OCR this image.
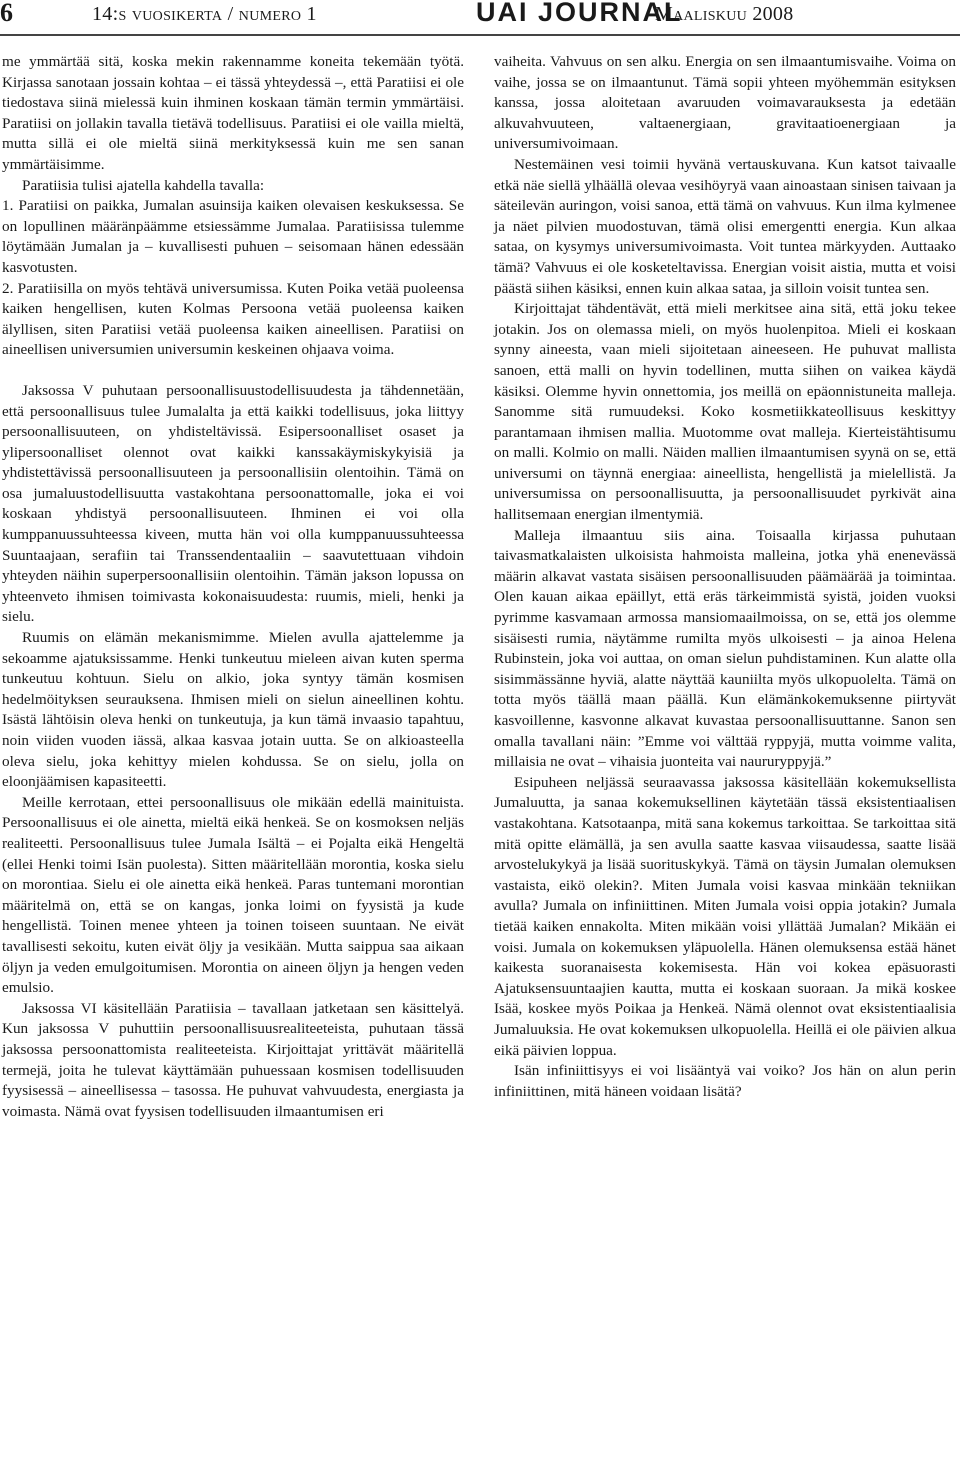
6	14:s vuosikerta / numero 1	UAI JOURNAL
Maaliskuu 2008

me ymmärtää sitä, koska mekin rakennamme koneita tekemään työtä. Kirjassa sanotaan jossain kohtaa – ei tässä yhteydessä –, että Paratiisi ei ole tiedostava siinä mielessä kuin ihminen koskaan tämän termin ymmärtäisi. Paratiisi on jollakin tavalla tietävä todellisuus. Paratiisi ei ole vailla mieltä, mutta sillä ei ole mieltä siinä merkityksessä kuin me sen sanan ymmärtäisimme.

Paratiisia tulisi ajatella kahdella tavalla:

1. Paratiisi on paikka, Jumalan asuinsija kaiken olevaisen keskuksessa. Se on lopullinen määränpäämme etsiessämme Jumalaa. Paratiisissa tulemme löytämään Jumalan ja – kuvallisesti puhuen – seisomaan hänen edessään kasvotusten.

2. Paratiisilla on myös tehtävä universumissa. Kuten Poika vetää puoleensa kaiken hengellisen, kuten Kolmas Persoona vetää puoleensa kaiken älyllisen, siten Paratiisi vetää puoleensa kaiken aineellisen. Paratiisi on aineellisen universumien universumin keskeinen ohjaava voima.

Jaksossa V puhutaan persoonallisuustodellisuudesta ja tähdennetään, että persoonallisuus tulee Jumalalta ja että kaikki todellisuus, joka liittyy persoonallisuuteen, on yhdisteltävissä. Esipersoonalliset osaset ja ylipersoonalliset olennot ovat kaikki kanssakäymiskykyisiä ja yhdistettävissä persoonallisuuteen ja persoonallisiin olentoihin. Tämä on osa jumaluustodellisuutta vastakohtana persoonattomalle, joka ei voi koskaan yhdistyä persoonallisuuteen. Ihminen ei voi olla kumppanuussuhteessa kiveen, mutta hän voi olla kumppanuussuhteessa Suuntaajaan, serafiin tai Transsendentaaliin – saavutettuaan vihdoin yhteyden näihin superpersoonallisiin olentoihin. Tämän jakson lopussa on yhteenveto ihmisen toimivasta kokonaisuudesta: ruumis, mieli, henki ja sielu.

Ruumis on elämän mekanismimme. Mielen avulla ajattelemme ja sekoamme ajatuksissamme. Henki tunkeutuu mieleen aivan kuten sperma tunkeutuu kohtuun. Sielu on alkio, joka syntyy tämän kosmisen hedelmöityksen seurauksena. Ihmisen mieli on sielun aineellinen kohtu. Isästä lähtöisin oleva henki on tunkeutuja, ja kun tämä invaasio tapahtuu, noin viiden vuoden iässä, alkaa kasvaa jotain uutta. Se on alkioasteella oleva sielu, joka kehittyy mielen kohdussa. Se on sielu, jolla on eloonjäämisen kapasiteetti.

Meille kerrotaan, ettei persoonallisuus ole mikään edellä mainituista. Persoonallisuus ei ole ainetta, mieltä eikä henkeä. Se on kosmoksen neljäs realiteetti. Persoonallisuus tulee Jumala Isältä – ei Pojalta eikä Hengeltä (ellei Henki toimi Isän puolesta). Sitten määritellään morontia, koska sielu on morontiaa. Sielu ei ole ainetta eikä henkeä. Paras tuntemani morontian määritelmä on, että se on kangas, jonka loimi on fyysistä ja kude hengellistä. Toinen menee yhteen ja toinen toiseen suuntaan. Ne eivät tavallisesti sekoitu, kuten eivät öljy ja vesikään. Mutta saippua saa aikaan öljyn ja veden emulgoitumisen. Morontia on aineen öljyn ja hengen veden emulsio.

Jaksossa VI käsitellään Paratiisia – tavallaan jatketaan sen käsittelyä. Kun jaksossa V puhuttiin persoonallisuusrealiteeteista, puhutaan tässä jaksossa persoonattomista realiteeteista. Kirjoittajat yrittävät määritellä termejä, joita he tulevat käyttämään puhuessaan kosmisen todellisuuden fyysisessä – aineellisessa – tasossa. He puhuvat vahvuudesta, energiasta ja voimasta. Nämä ovat fyysisen todellisuuden ilmaantumisen eri

vaiheita. Vahvuus on sen alku. Energia on sen ilmaantumisvaihe. Voima on vaihe, jossa se on ilmaantunut. Tämä sopii yhteen myöhemmän esityksen kanssa, jossa aloitetaan avaruuden voimavarauksesta ja edetään alkuvahvuuteen, valtaenergiaan, gravitaatioenergiaan ja universumivoimaan.

Nestemäinen vesi toimii hyvänä vertauskuvana. Kun katsot taivaalle etkä näe siellä ylhäällä olevaa vesihöyryä vaan ainoastaan sinisen taivaan ja säteilevän auringon, voisi sanoa, että tämä on vahvuus. Kun ilma kylmenee ja näet pilvien muodostuvan, tämä olisi emergentti energia. Kun alkaa sataa, on kysymys universumivoimasta. Voit tuntea märkyyden. Auttaako tämä? Vahvuus ei ole kosketeltavissa. Energian voisit aistia, mutta et voisi päästä siihen käsiksi, ennen kuin alkaa sataa, ja silloin voisit tuntea sen.

Kirjoittajat tähdentävät, että mieli merkitsee aina sitä, että joku tekee jotakin. Jos on olemassa mieli, on myös huolenpitoa. Mieli ei koskaan synny aineesta, vaan mieli sijoitetaan aineeseen. He puhuvat mallista sanoen, että malli on hyvin todellinen, mutta siihen on vaikea käydä käsiksi. Olemme hyvin onnettomia, jos meillä on epäonnistuneita malleja. Sanomme sitä rumuudeksi. Koko kosmetiikkateollisuus keskittyy parantamaan ihmisen mallia. Muotomme ovat malleja. Kierteistähtisumu on malli. Kolmio on malli. Näiden mallien ilmaantumisen syynä on se, että universumi on täynnä energiaa: aineellista, hengellistä ja mielellistä. Ja universumissa on persoonallisuutta, ja persoonallisuudet pyrkivät aina hallitsemaan energian ilmentymiä.

Malleja ilmaantuu siis aina. Toisaalla kirjassa puhutaan taivasmatkalaisten ulkoisista hahmoista malleina, jotka yhä enenevässä määrin alkavat vastata sisäisen persoonallisuuden päämäärää ja toimintaa. Olen kauan aikaa epäillyt, että eräs tärkeimmistä syistä, joiden vuoksi pyrimme kasvamaan armossa mansiomaailmoissa, on se, että jos olemme sisäisesti rumia, näytämme rumilta myös ulkoisesti – ja ainoa Helena Rubinstein, joka voi auttaa, on oman sielun puhdistaminen. Kun alatte olla sisimmässänne hyviä, alatte näyttää kauniilta myös ulkopuolelta. Tämä on totta myös täällä maan päällä. Kun elämänkokemuksenne piirtyvät kasvoillenne, kasvonne alkavat kuvastaa persoonallisuuttanne. Sanon sen omalla tavallani näin: ”Emme voi välttää ryppyjä, mutta voimme valita, millaisia ne ovat – vihaisia juonteita vai naururyppyjä.”

Esipuheen neljässä seuraavassa jaksossa käsitellään kokemuksellista Jumaluutta, ja sanaa kokemuksellinen käytetään tässä eksistentiaalisen vastakohtana. Katsotaanpa, mitä sana kokemus tarkoittaa. Se tarkoittaa sitä mitä opitte elämällä, ja sen avulla saatte kasvaa viisaudessa, saatte lisää arvostelukykyä ja lisää suorituskykyä. Tämä on täysin Jumalan olemuksen vastaista, eikö olekin?. Miten Jumala voisi kasvaa minkään tekniikan avulla? Jumala on infiniittinen. Miten Jumala voisi oppia jotakin? Jumala tietää kaiken ennakolta. Miten mikään voisi yllättää Jumalan? Mikään ei voisi. Jumala on kokemuksen yläpuolella. Hänen olemuksensa estää hänet kaikesta suoranaisesta kokemisesta. Hän voi kokea epäsuorasti Ajatuksensuuntaajien kautta, mutta ei koskaan suoraan. Ja mikä koskee Isää, koskee myös Poikaa ja Henkeä. Nämä olennot ovat eksistentiaalisia Jumaluuksia. He ovat kokemuksen ulkopuolella. Heillä ei ole päivien alkua eikä päivien loppua.

Isän infiniittisyys ei voi lisääntyä vai voiko? Jos hän on alun perin infiniittinen, mitä häneen voidaan lisätä?
